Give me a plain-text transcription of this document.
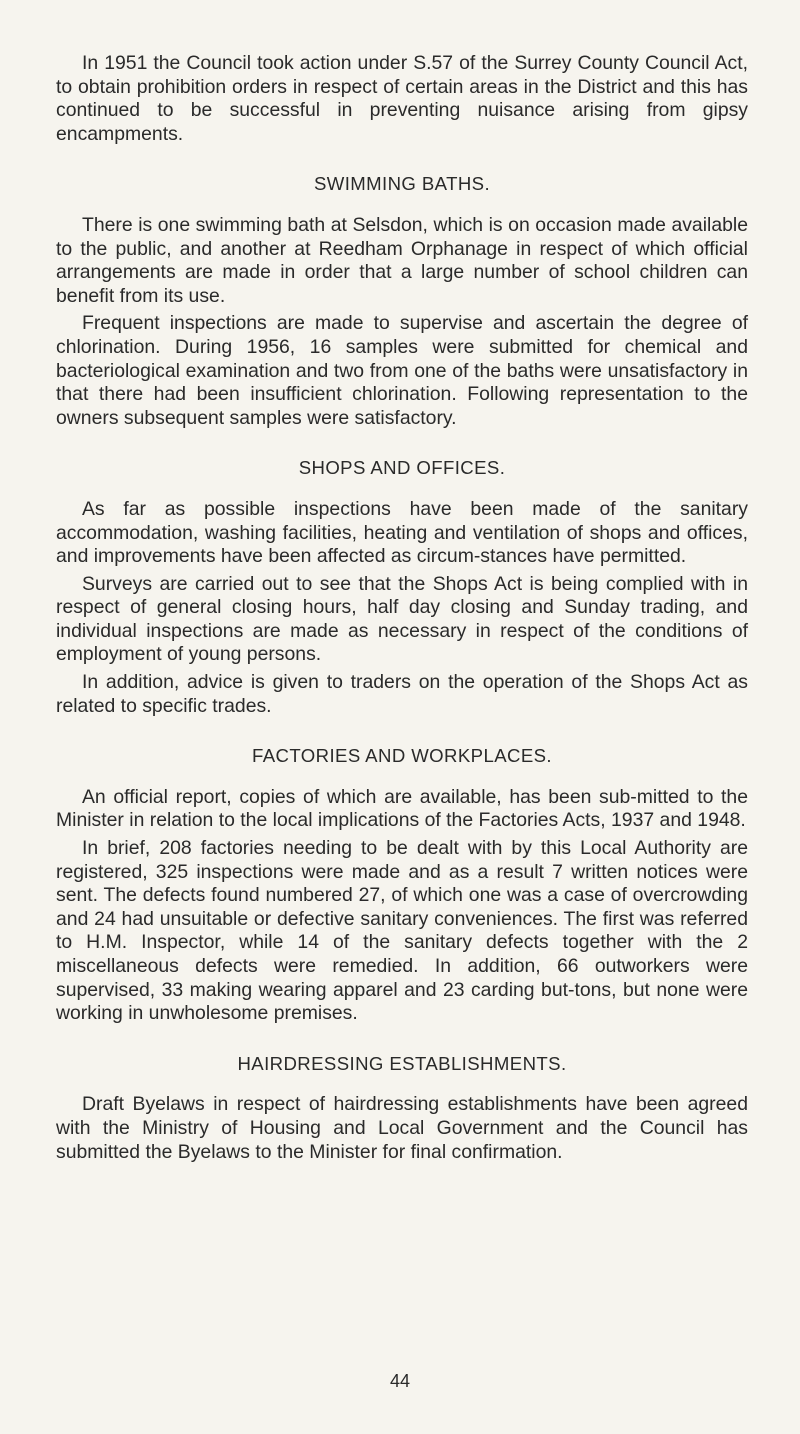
In 1951 the Council took action under S.57 of the Surrey County Council Act, to obtain prohibition orders in respect of certain areas in the District and this has continued to be successful in preventing nuisance arising from gipsy encampments.

SWIMMING BATHS.

There is one swimming bath at Selsdon, which is on occasion made available to the public, and another at Reedham Orphanage in respect of which official arrangements are made in order that a large number of school children can benefit from its use.

Frequent inspections are made to supervise and ascertain the degree of chlorination. During 1956, 16 samples were submitted for chemical and bacteriological examination and two from one of the baths were unsatisfactory in that there had been insufficient chlorination. Following representation to the owners subsequent samples were satisfactory.

SHOPS AND OFFICES.

As far as possible inspections have been made of the sanitary accommodation, washing facilities, heating and ventilation of shops and offices, and improvements have been affected as circum-stances have permitted.

Surveys are carried out to see that the Shops Act is being complied with in respect of general closing hours, half day closing and Sunday trading, and individual inspections are made as necessary in respect of the conditions of employment of young persons.

In addition, advice is given to traders on the operation of the Shops Act as related to specific trades.

FACTORIES AND WORKPLACES.

An official report, copies of which are available, has been sub-mitted to the Minister in relation to the local implications of the Factories Acts, 1937 and 1948.

In brief, 208 factories needing to be dealt with by this Local Authority are registered, 325 inspections were made and as a result 7 written notices were sent. The defects found numbered 27, of which one was a case of overcrowding and 24 had unsuitable or defective sanitary conveniences. The first was referred to H.M. Inspector, while 14 of the sanitary defects together with the 2 miscellaneous defects were remedied. In addition, 66 outworkers were supervised, 33 making wearing apparel and 23 carding but-tons, but none were working in unwholesome premises.

HAIRDRESSING ESTABLISHMENTS.

Draft Byelaws in respect of hairdressing establishments have been agreed with the Ministry of Housing and Local Government and the Council has submitted the Byelaws to the Minister for final confirmation.

44
